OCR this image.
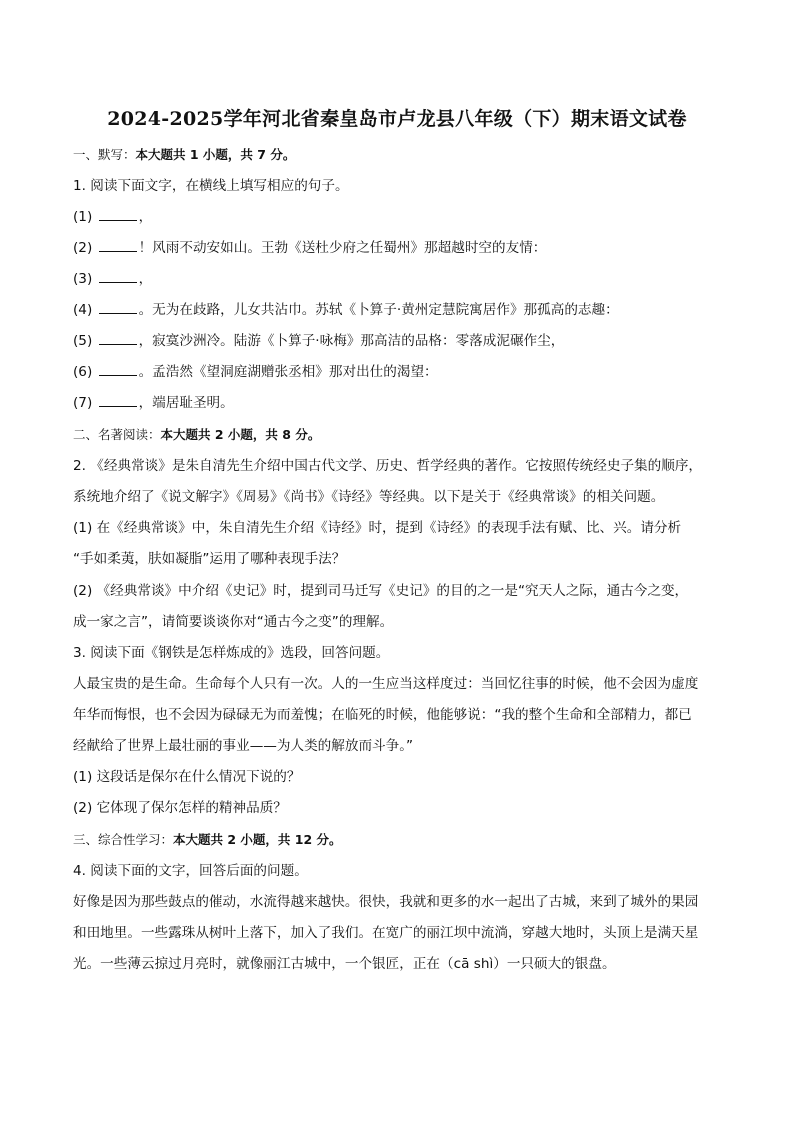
2024-2025学年河北省秦皇岛市卢龙县八年级（下）期末语文试卷
一、默写：本大题共 1 小题，共 7 分。
1. 阅读下面文字，在横线上填写相应的句子。
(1)	，
(2)	！风雨不动安如山。王勃《送杜少府之任蜀州》那超越时空的友情：
(3)	，
(4)	。无为在歧路，儿女共沾巾。苏轼《卜算子·黄州定慧院寓居作》那孤高的志趣：
(5)	，寂寞沙洲冷。陆游《卜算子·咏梅》那高洁的品格：零落成泥碾作尘，
(6)	。孟浩然《望洞庭湖赠张丞相》那对出仕的渴望：
(7)	，端居耻圣明。
二、名著阅读：本大题共 2 小题，共 8 分。
2. 《经典常谈》是朱自清先生介绍中国古代文学、历史、哲学经典的著作。它按照传统经史子集的顺序，
系统地介绍了《说文解字》《周易》《尚书》《诗经》等经典。以下是关于《经典常谈》的相关问题。
(1) 在《经典常谈》中，朱自清先生介绍《诗经》时，提到《诗经》的表现手法有赋、比、兴。请分析
“手如柔荑，肤如凝脂”运用了哪种表现手法？
(2) 《经典常谈》中介绍《史记》时，提到司马迁写《史记》的目的之一是“究天人之际，通古今之变，
成一家之言”，请简要谈谈你对“通古今之变”的理解。
3. 阅读下面《钢铁是怎样炼成的》选段，回答问题。
人最宝贵的是生命。生命每个人只有一次。人的一生应当这样度过：当回忆往事的时候，他不会因为虚度
年华而悔恨，也不会因为碌碌无为而羞愧；在临死的时候，他能够说：“我的整个生命和全部精力，都已
经献给了世界上最壮丽的事业——为人类的解放而斗争。”
(1) 这段话是保尔在什么情况下说的？
(2) 它体现了保尔怎样的精神品质？
三、综合性学习：本大题共 2 小题，共 12 分。
4. 阅读下面的文字，回答后面的问题。
好像是因为那些鼓点的催动，水流得越来越快。很快，我就和更多的水一起出了古城，来到了城外的果园
和田地里。一些露珠从树叶上落下，加入了我们。在宽广的丽江坝中流淌，穿越大地时，头顶上是满天星
光。一些薄云掠过月亮时，就像丽江古城中，一个银匠，正在（cā shì）一只硕大的银盘。
